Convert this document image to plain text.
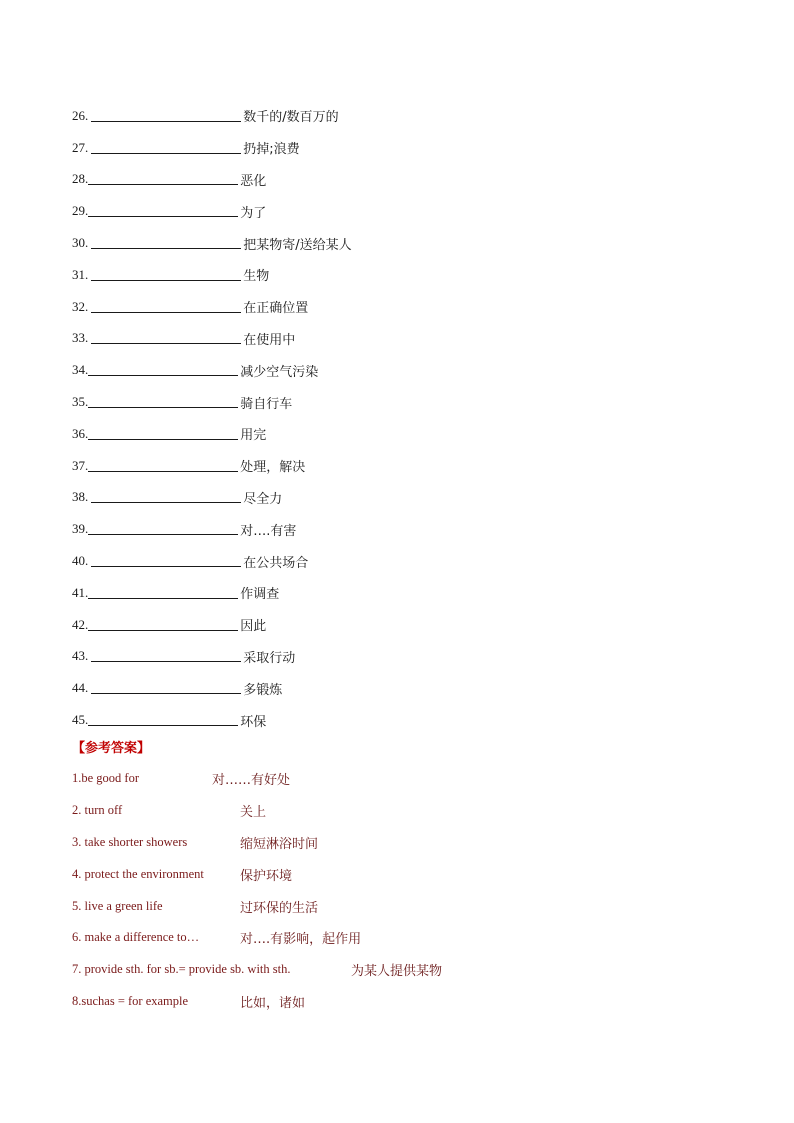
26.	数千的/数百万的
27.	扔掉;浪费
28.	恶化
29.	为了
30.	把某物寄/送给某人
31.	生物
32.	在正确位置
33.	在使用中
34.	减少空气污染
35.	骑自行车
36.	用完
37.	处理，解决
38.	尽全力
39.	对….有害
40.	在公共场合
41.	作调查
42.	因此
43.	采取行动
44.	多锻炼
45.	环保
【参考答案】
1.be good for	对……有好处
2. turn off	关上
3. take shorter showers	缩短淋浴时间
4. protect the environment	保护环境
5. live a green life	过环保的生活
6. make a difference to…	对….有影响，起作用
7. provide sth. for sb.= provide sb. with sth.	为某人提供某物
8.suchas = for example	比如，诸如
